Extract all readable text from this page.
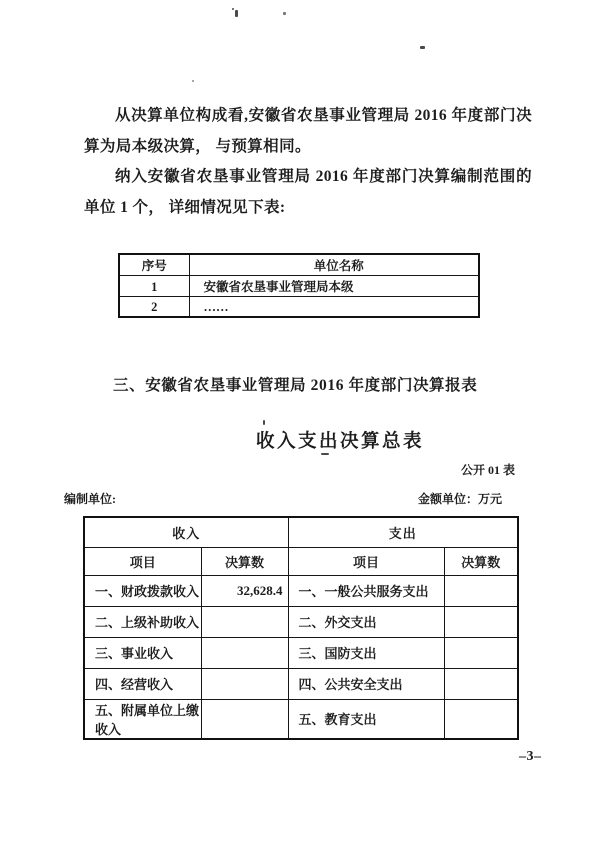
从决算单位构成看,安徽省农垦事业管理局 2016 年度部门决算为局本级决算， 与预算相同。

纳入安徽省农垦事业管理局 2016 年度部门决算编制范围的单位 1 个， 详细情况见下表:

序号	单位名称
1	安徽省农垦事业管理局本级
2	……
三、安徽省农垦事业管理局 2016 年度部门决算报表
收入支出决算总表
公开 01 表
编制单位:	金额单位：万元
收入		支出	
项目	决算数	项目	决算数
一、财政拨款收入	32,628.4	一、一般公共服务支出	
二、上级补助收入		二、外交支出	
三、事业收入		三、国防支出	
四、经营收入		四、公共安全支出	
五、附属单位上缴收入		五、教育支出	
–3–
